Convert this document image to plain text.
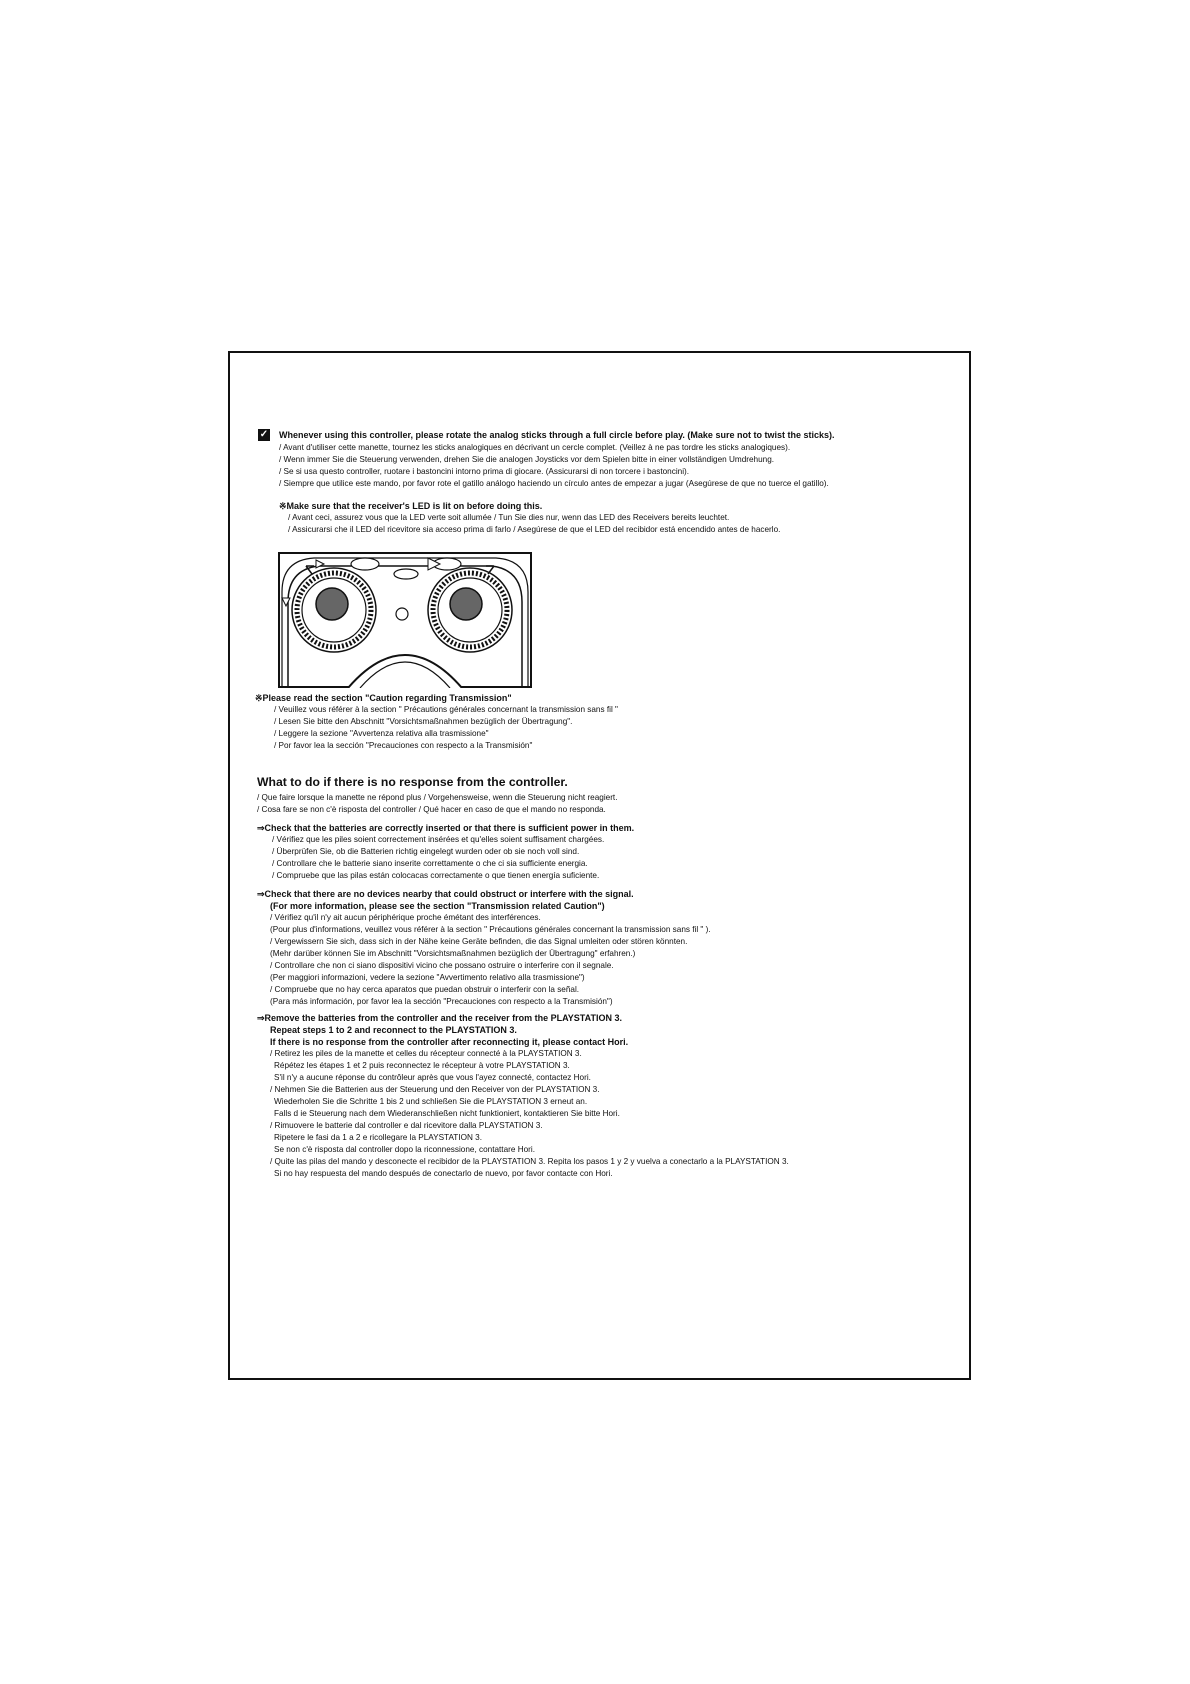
✓ Whenever using this controller, please rotate the analog sticks through a full circle before play. (Make sure not to twist the sticks).
/ Avant d'utiliser cette manette, tournez les sticks analogiques en décrivant un cercle complet. (Veillez à ne pas tordre les sticks analogiques).
/ Wenn immer Sie die Steuerung verwenden, drehen Sie die analogen Joysticks vor dem Spielen bitte in einer vollständigen Umdrehung.
/ Se si usa questo controller, ruotare i bastoncini intorno prima di giocare. (Assicurarsi di non torcere i bastoncini).
/ Siempre que utilice este mando, por favor rote el gatillo análogo haciendo un círculo antes de empezar a jugar (Asegúrese de que no tuerce el gatillo).
※Make sure that the receiver's LED is lit on before doing this.
/ Avant ceci, assurez vous que la LED verte soit allumée / Tun Sie dies nur, wenn das LED des Receivers bereits leuchtet.
/ Assicurarsi che il LED del ricevitore sia acceso prima di farlo / Asegúrese de que el LED del recibidor está encendido antes de hacerlo.
※Please read the section "Caution regarding Transmission"
/ Veuillez vous référer à la section " Précautions générales concernant la transmission sans fil "
/ Lesen Sie bitte den Abschnitt "Vorsichtsmaßnahmen bezüglich der Übertragung".
/ Leggere la sezione "Avvertenza relativa alla trasmissione"
/ Por favor lea la sección "Precauciones con respecto a la Transmisión"
What to do if there is no response from the controller.
/ Que faire lorsque la manette ne répond plus / Vorgehensweise, wenn die Steuerung nicht reagiert.
/ Cosa fare se non c'è risposta del controller / Qué hacer en caso de que el mando no responda.
⇒Check that the batteries are correctly inserted or that there is sufficient power in them.
/ Vérifiez que les piles soient correctement insérées et qu'elles soient suffisament chargées.
/ Überprüfen Sie, ob die Batterien richtig eingelegt wurden oder ob sie noch voll sind.
/ Controllare che le batterie siano inserite correttamente o che ci sia sufficiente energia.
/ Compruebe que las pilas están colocacas correctamente o que tienen energía suficiente.
⇒Check that there are no devices nearby that could obstruct or interfere with the signal.
(For more information, please see the section "Transmission related Caution")
/ Vérifiez qu'il n'y ait aucun périphérique proche émétant des interférences.
(Pour plus d'informations, veuillez vous référer à la section " Précautions générales concernant la transmission sans fil " ).
/ Vergewissern Sie sich, dass sich in der Nähe keine Geräte befinden, die das Signal umleiten oder stören könnten.
(Mehr darüber können Sie im Abschnitt "Vorsichtsmaßnahmen bezüglich der Übertragung" erfahren.)
/ Controllare che non ci siano dispositivi vicino che possano ostruire o interferire con il segnale.
(Per maggiori informazioni, vedere la sezione "Avvertimento relativo alla trasmissione")
/ Compruebe que no hay cerca aparatos que puedan obstruir o interferir con la señal.
(Para más información, por favor lea la sección "Precauciones con respecto a la Transmisión")
⇒Remove the batteries from the controller and the receiver from the PLAYSTATION 3.
Repeat steps 1 to 2 and reconnect to the PLAYSTATION 3.
If there is no response from the controller after reconnecting it, please contact Hori.
/ Retirez les piles de la manette et celles du récepteur connecté à la PLAYSTATION 3.
Répétez les étapes 1 et 2 puis reconnectez le récepteur à votre PLAYSTATION 3.
S'il n'y a aucune réponse du contrôleur après que vous l'ayez connecté, contactez Hori.
/ Nehmen Sie die Batterien aus der Steuerung und den Receiver von der PLAYSTATION 3.
Wiederholen Sie die Schritte 1 bis 2 und schließen Sie die PLAYSTATION 3 erneut an.
Falls d ie Steuerung nach dem Wiederanschließen nicht funktioniert, kontaktieren Sie bitte Hori.
/ Rimuovere le batterie dal controller e dal ricevitore dalla PLAYSTATION 3.
Ripetere le fasi da 1 a 2 e ricollegare la PLAYSTATION 3.
Se non c'è risposta dal controller dopo la riconnessione, contattare Hori.
/ Quite las pilas del mando y desconecte el recibidor de la PLAYSTATION 3. Repita los pasos 1 y 2 y vuelva a conectarlo a la PLAYSTATION 3.
Si no hay respuesta del mando después de conectarlo de nuevo, por favor contacte con Hori.
